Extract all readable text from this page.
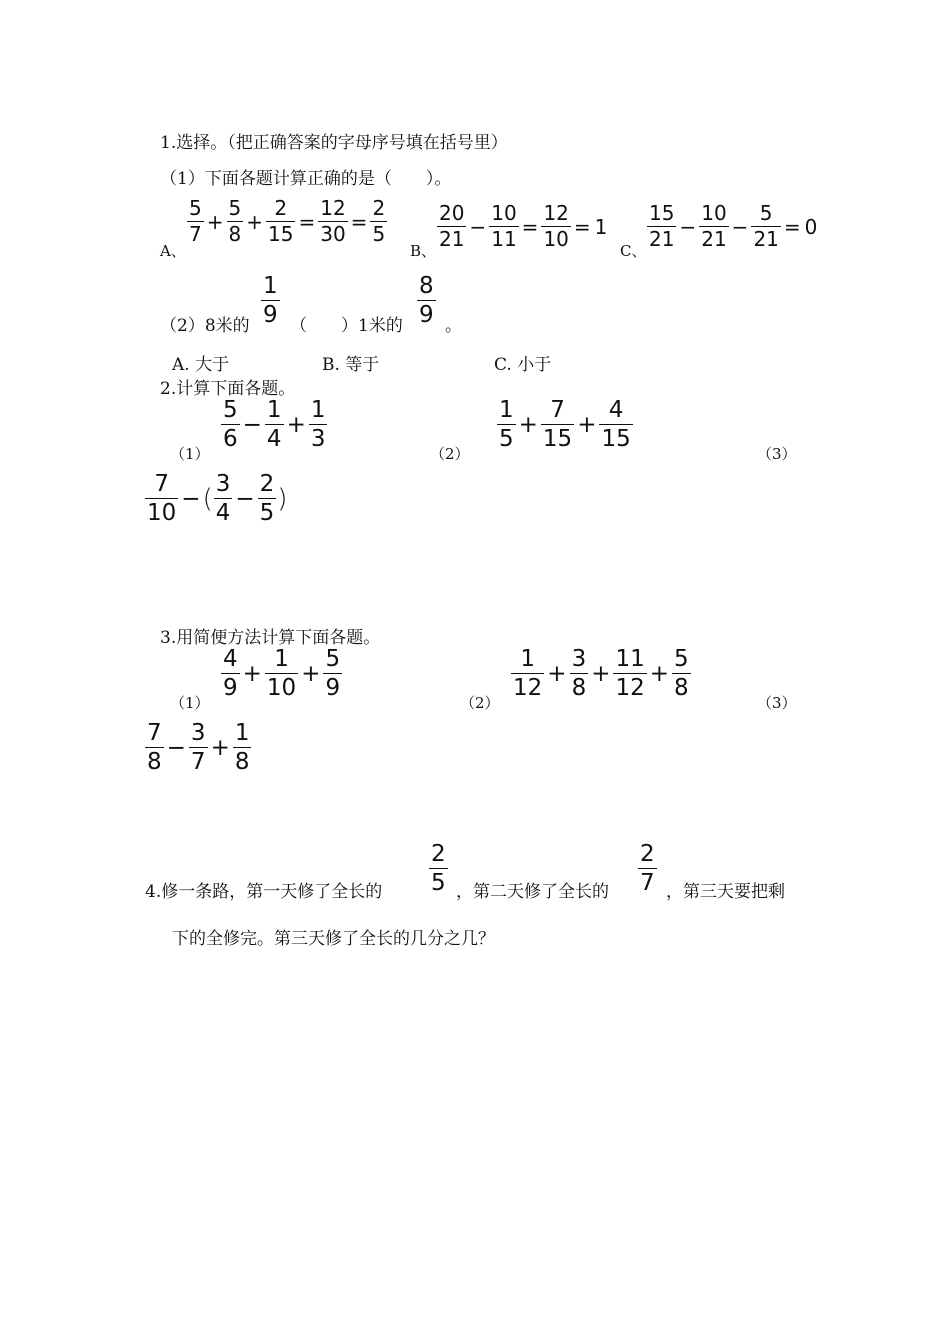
1.选择。（把正确答案的字母序号填在括号里）
（1）下面各题计算正确的是（　　）。
A、
$\frac{5}{7} + \frac{5}{8} + \frac{2}{15} = \frac{12}{30} = \frac{2}{5}$
B、
$\frac{20}{21} - \frac{10}{11} = \frac{12}{10} = 1$
C、
$\frac{15}{21} - \frac{10}{21} - \frac{5}{21} = 0$
（2）8米的 $\frac{1}{9}$ （　　）1米的 $\frac{8}{9}$ 。
A. 大于	B. 等于	C. 小于
2.计算下面各题。
（1）
$\frac{5}{6} - \frac{1}{4} + \frac{1}{3}$
（2）
$\frac{1}{5} + \frac{7}{15} + \frac{4}{15}$
（3）
$\frac{7}{10}$ − ( $\frac{3}{4} - \frac{2}{5}$ )
3.用简便方法计算下面各题。
（1）
$\frac{4}{9} + \frac{1}{10} + \frac{5}{9}$
（2）
$\frac{1}{12} + \frac{3}{8} + \frac{11}{12} + \frac{5}{8}$
（3）
$\frac{7}{8} - \frac{3}{7} + \frac{1}{8}$
4.修一条路，第一天修了全长的 $\frac{2}{5}$ ，第二天修了全长的 $\frac{2}{7}$ ，第三天要把剩
下的全修完。第三天修了全长的几分之几？
